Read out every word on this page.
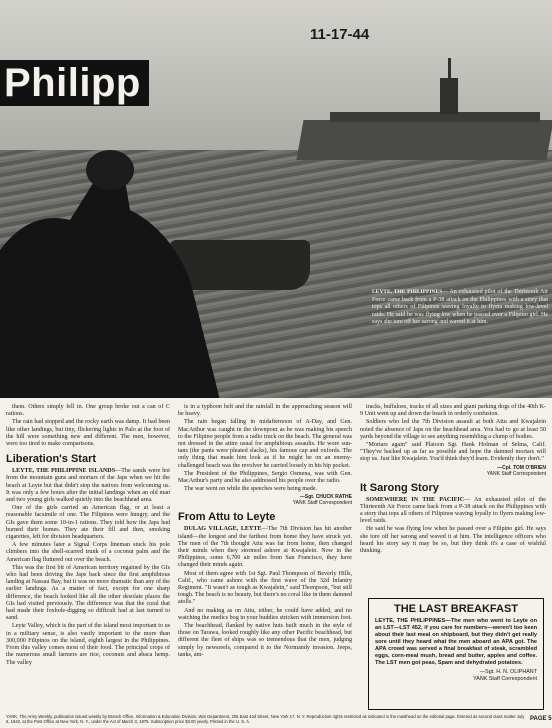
11-17-44
Philipp
LEYTE, THE PHILIPPINES— An exhausted pilot of the Thirteenth Air Force came back from a P-38 attack on the Philippines with a story that tops all others of Filipinos waving loyally to flyers making low-level raids. He said he was flying low when he passed over a Filipino girl. He says she tore off her sarong and waved it at him.

them. Others simply fell in. One group broke out a can of C rations.

The rain had stopped and the rocky earth was damp. It had been like other landings, but tiny, flickering lights in Palo at the foot of the hill were something new and different. The men, however, were too tired to make comparisons.

Liberation's Start

LEYTE, THE PHILIPPINE ISLANDS—The sands were hot from the mountain guns and mortars of the Japs when we hit the beach at Leyte but that didn't stop the natives from welcoming us. It was only a few hours after the initial landings when an old man and two young girls walked quietly into the beachhead area.

One of the girls carried an American flag, or at least a reasonable facsimile of one. The Filipinos were hungry, and the GIs gave them some 10-in-1 rations. They told how the Japs had burned their homes. They ate their fill and then, smoking cigarettes, left for division headquarters.

A few minutes later a Signal Corps lineman stuck his pole climbers into the shell-scarred trunk of a coconut palm and the American flag fluttered out over the beach.

This was the first bit of American territory regained by the GIs who had been driving the Japs back since the first amphibious landing at Nassau Bay, but it was no more dramatic than any of the earlier landings. As a matter of fact, except for one sharp difference, the beach looked like all the other desolate places the GIs had visited previously. The difference was that the coral that had made their foxhole-digging so difficult had at last turned to sand.

Leyte Valley, which is the part of the island most important to us in a military sense, is also vastly important to the more than 300,000 Filipinos on the island, eighth largest in the Philippines. From this valley comes most of their food. The principal crops of the numerous small farmers are rice, coconuts and abaca hemp. The valley

is in a typhoon belt and the rainfall in the approaching season will be heavy.

The rain began falling in midafternoon of A-Day, and Gen. MacArthur was caught in the downpour as he was making his speech to the Filipino people from a radio truck on the beach. The general was not dressed in the attire usual for amphibious assaults. He wore sun-tans (the pants were pleated slacks), his famous cap and oxfords. The only thing that made him look as if he might be on an enemy-challenged beach was the revolver he carried loosely in his hip pocket.

The President of the Philippines, Sergio Osmena, was with Gen. MacArthur's party and he also addressed his people over the radio.

The war went on while the speeches were being made.

—Sgt. CHUCK RATHE
YANK Staff Correspondent
From Attu to Leyte

DULAG VILLAGE, LEYTE—The 7th Division has hit another island—the longest and the farthest from home they have struck yet. The men of the 7th thought Attu was far from home, then changed their minds when they stormed ashore at Kwajalein. Now in the Philippines, some 6,700 air miles from San Francisco, they have changed their minds again.

Most of them agree with 1st Sgt. Paul Thompson of Beverly Hills, Calif., who came ashore with the first wave of the 32d Infantry Regiment. "It wasn't as tough as Kwajalein," said Thompson, "but still tough. The beach is no beauty, but there's no coral like in them damned atolls."

And no making as on Attu, either, he could have added, and no watching the medics bog in your buddies stricken with immersion foot.

The beachhead, flanked by native huts built much in the style of those on Tarawa, looked roughly like any other Pacific beachhead, but different the fleet of ships was so tremendous that the men, judging simply by newsreels, compared it to the Normandy invasion. Jeeps, tanks, am-

tracks, buffaloes, tracks of all sizes and giant parking dogs of the 40th K-9 Unit went up and down the beach in orderly confusion.

Soldiers who led the 7th Division assault at both Attu and Kwajalein noted the absence of Japs on the beachhead area. You had to go at least 50 yards beyond the village to see anything resembling a clump of bodies.

"Mortars again" said Platoon Sgt. Hank Holman of Selma, Calif. "They've backed up as far as possible and hope the damned mortars will stop us. Just like Kwajalein. You'd think they'd learn. Evidently they don't."

—Cpl. TOM O'BRIEN
YANK Staff Correspondent
It Sarong Story

SOMEWHERE IN THE PACIFIC— An exhausted pilot of the Thirteenth Air Force came back from a P-38 attack on the Philippines with a story that tops all others of Filipinos waving loyally to flyers making low-level raids.

He said he was flying low when he passed over a Filipino girl. He says she tore off her sarong and waved it at him. The intelligence officers who heard his story say it may be so, but they think it's a case of wishful thinking.

THE LAST BREAKFAST
LEYTE, THE PHILIPPINES—The men who went to Leyte on an LST—LST 452, if you care for numbers—weren't too keen about their last meal on shipboard, but they didn't get really sore until they heard what the men aboard an APA got. The APA crowd was served a final breakfast of steak, scrambled eggs, corn-meal mush, bread and butter, apples and coffee. The LST men got peas, Spam and dehydrated potatoes.
—Sgt. H. N. OLIPHANT
YANK Staff Correspondent
YANK, The Army Weekly, publication issued weekly by Branch Office, Information & Education Division, War Department, 205 East 42d Street, New York 17, N. Y. Reproduction rights restricted as indicated in the masthead on the editorial page. Entered as second class matter July 6, 1942, at the Post Office at New York, N. Y., under the Act of March 3, 1879. Subscription price $3.00 yearly. Printed in the U. S. A.	PAGE 5
